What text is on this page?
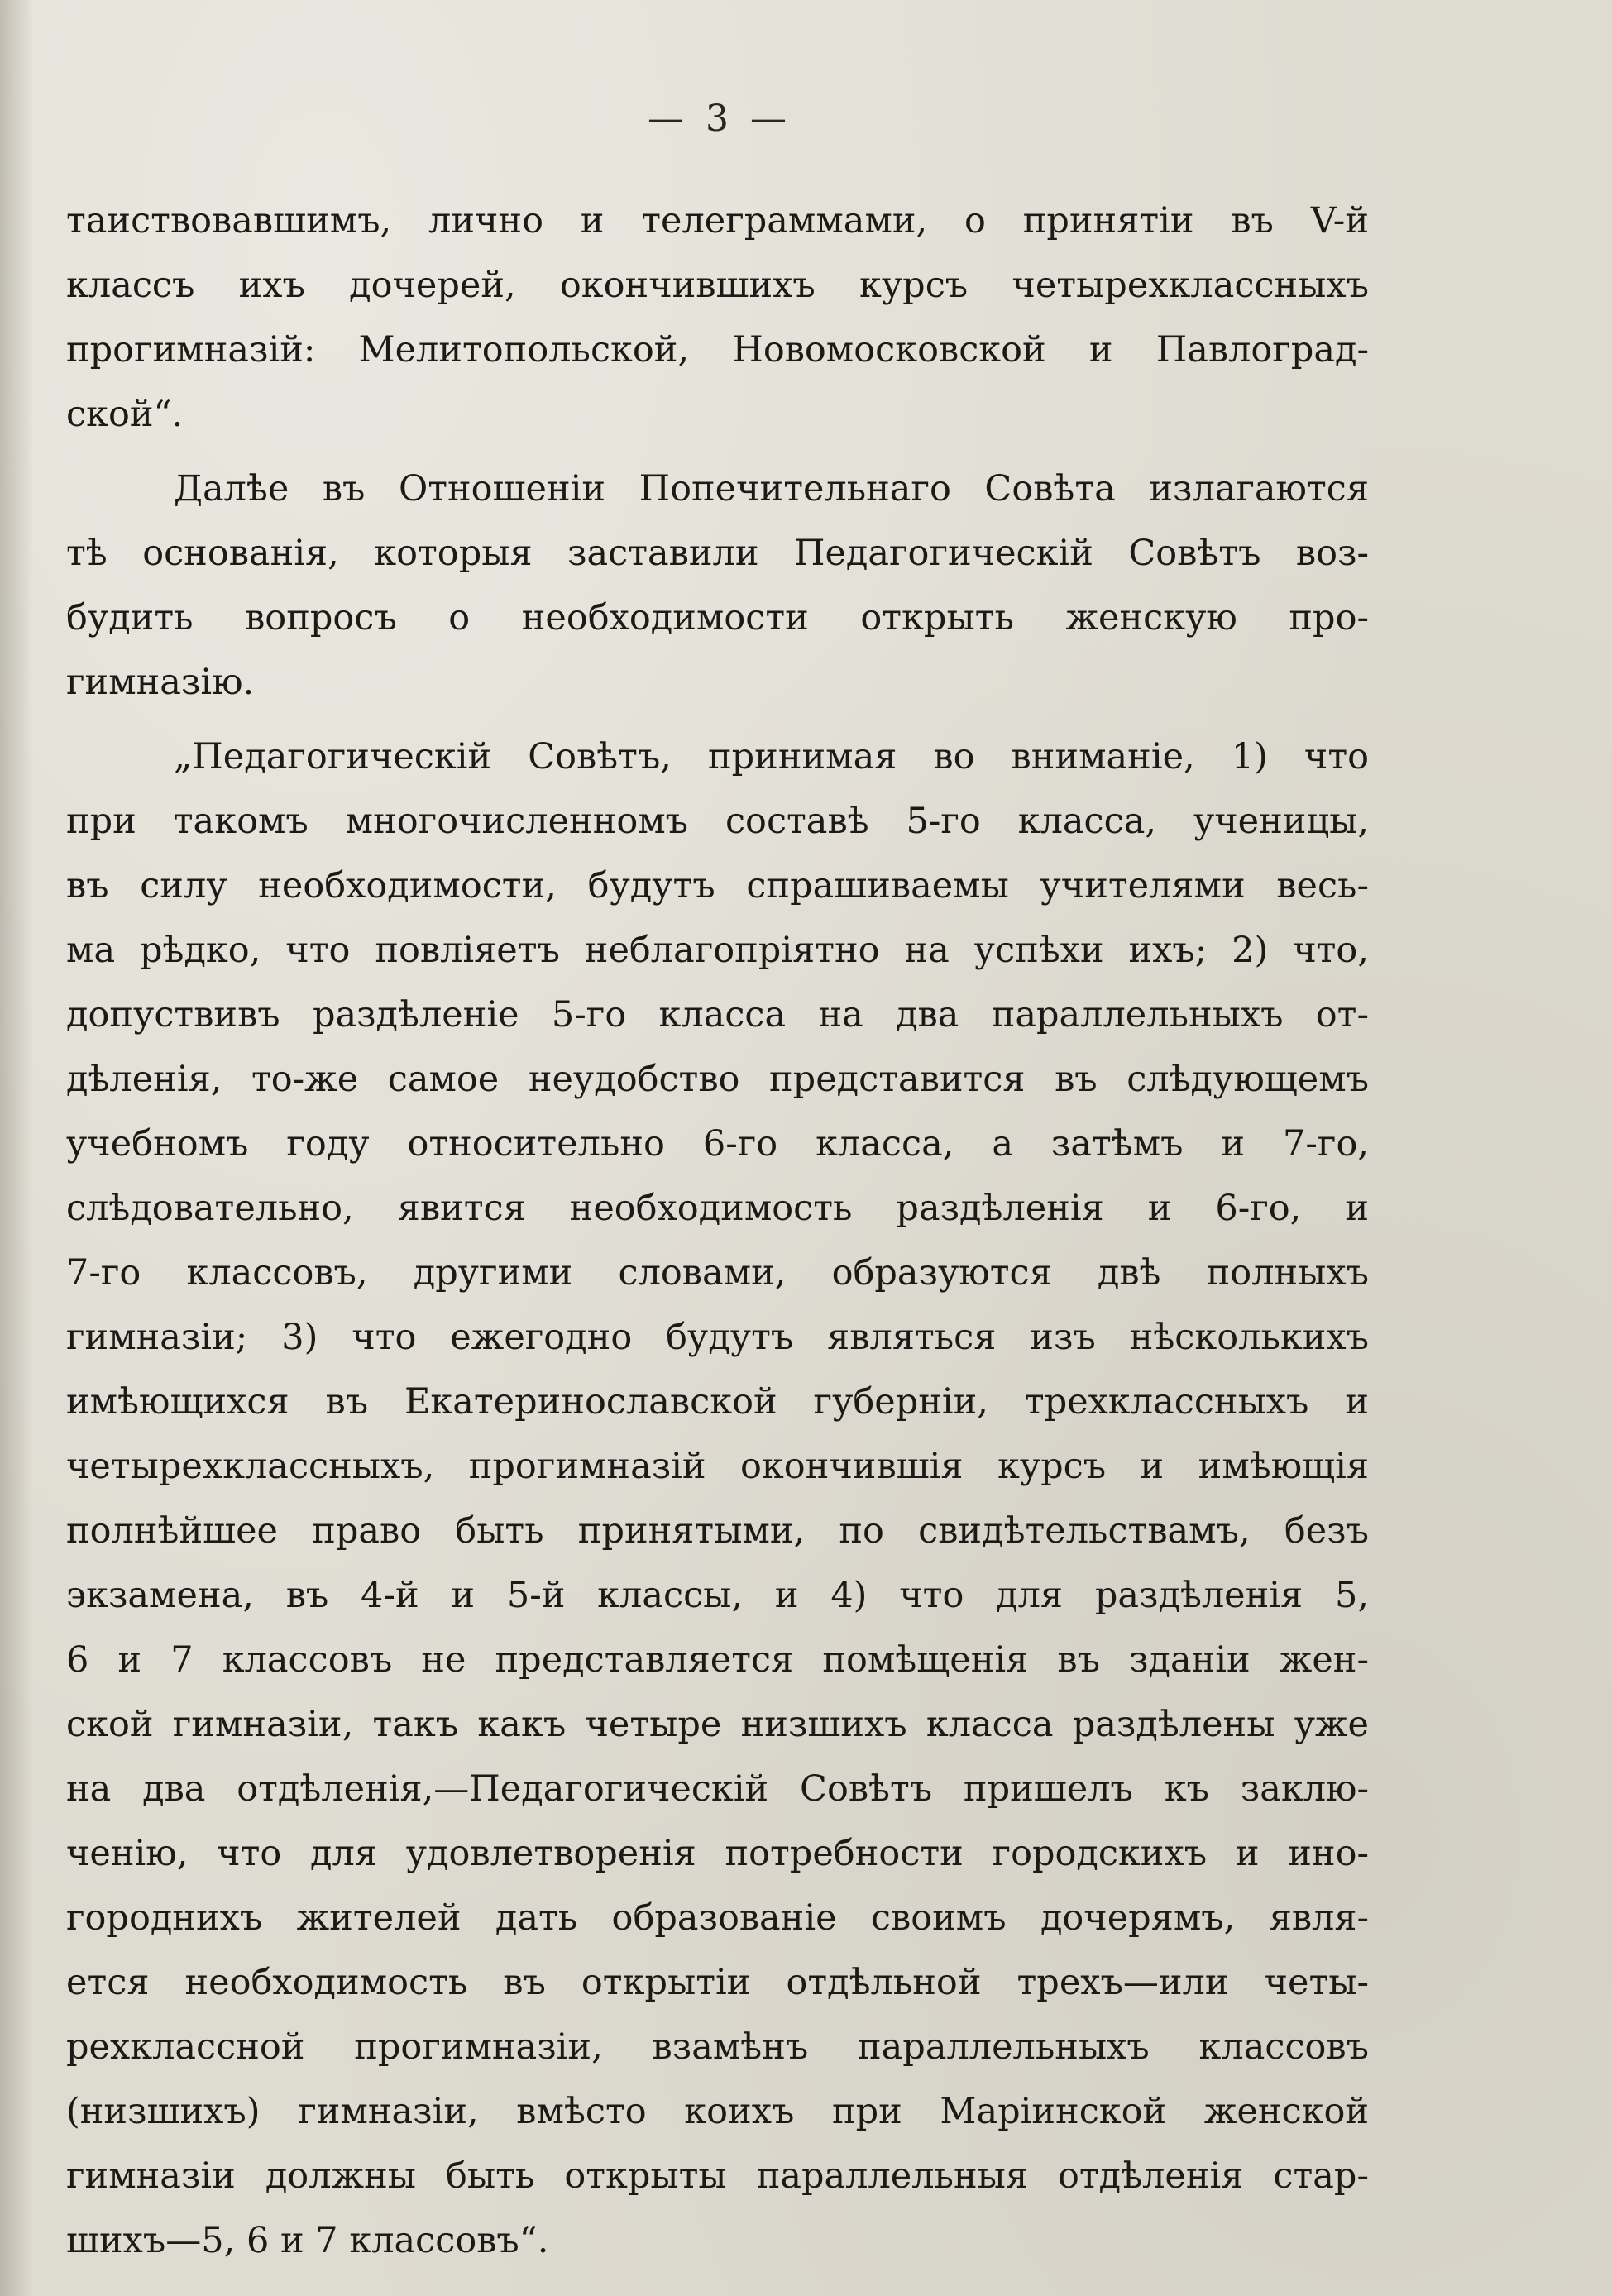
— 3 —
таиствовавшимъ, лично и телеграммами, о принятіи въ V-й
классъ ихъ дочерей, окончившихъ курсъ четырехклассныхъ
прогимназій: Мелитопольской, Новомосковской и Павлоград-
ской“.
Далѣе въ Отношеніи Попечительнаго Совѣта излагаются
тѣ основанія, которыя заставили Педагогическій Совѣтъ воз-
будить вопросъ о необходимости открыть женскую про-
гимназію.
„Педагогическій Совѣтъ, принимая во вниманіе, 1) что
при такомъ многочисленномъ составѣ 5-го класса, ученицы,
въ силу необходимости, будутъ спрашиваемы учителями весь-
ма рѣдко, что повліяетъ неблагопріятно на успѣхи ихъ; 2) что,
допуствивъ раздѣленіе 5-го класса на два параллельныхъ от-
дѣленія, то-же самое неудобство представится въ слѣдующемъ
учебномъ году относительно 6-го класса, а затѣмъ и 7-го,
слѣдовательно, явится необходимость раздѣленія и 6-го, и
7-го классовъ, другими словами, образуются двѣ полныхъ
гимназіи; 3) что ежегодно будутъ являться изъ нѣсколькихъ
имѣющихся въ Екатеринославской губерніи, трехклассныхъ и
четырехклассныхъ, прогимназій окончившія курсъ и имѣющія
полнѣйшее право быть принятыми, по свидѣтельствамъ, безъ
экзамена, въ 4-й и 5-й классы, и 4) что для раздѣленія 5,
6 и 7 классовъ не представляется помѣщенія въ зданіи жен-
ской гимназіи, такъ какъ четыре низшихъ класса раздѣлены уже
на два отдѣленія,—Педагогическій Совѣтъ пришелъ къ заклю-
ченію, что для удовлетворенія потребности городскихъ и ино-
городнихъ жителей дать образованіе своимъ дочерямъ, явля-
ется необходимость въ открытіи отдѣльной трехъ—или четы-
рехклассной прогимназіи, взамѣнъ параллельныхъ классовъ
(низшихъ) гимназіи, вмѣсто коихъ при Маріинской женской
гимназіи должны быть открыты параллельныя отдѣленія стар-
шихъ—5, 6 и 7 классовъ“.
